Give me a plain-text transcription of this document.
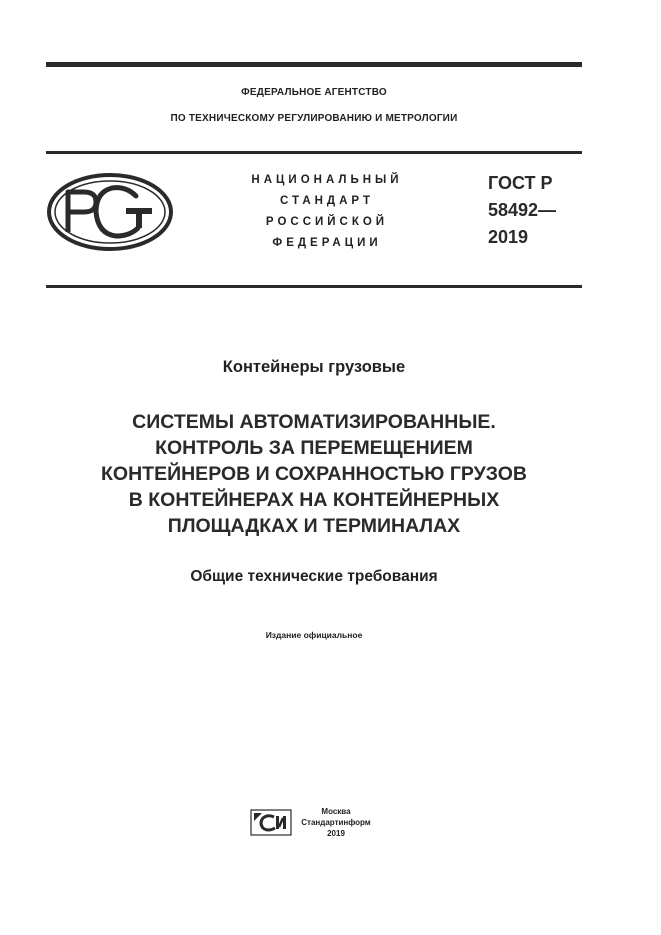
ФЕДЕРАЛЬНОЕ АГЕНТСТВО
ПО ТЕХНИЧЕСКОМУ РЕГУЛИРОВАНИЮ И МЕТРОЛОГИИ
НАЦИОНАЛЬНЫЙ
СТАНДАРТ
РОССИЙСКОЙ
ФЕДЕРАЦИИ
ГОСТ Р
58492—
2019
Контейнеры грузовые
СИСТЕМЫ АВТОМАТИЗИРОВАННЫЕ.
КОНТРОЛЬ ЗА ПЕРЕМЕЩЕНИЕМ
КОНТЕЙНЕРОВ И СОХРАННОСТЬЮ ГРУЗОВ
В КОНТЕЙНЕРАХ НА КОНТЕЙНЕРНЫХ
ПЛОЩАДКАХ И ТЕРМИНАЛАХ
Общие технические требования
Издание официальное
Москва
Стандартинформ
2019
